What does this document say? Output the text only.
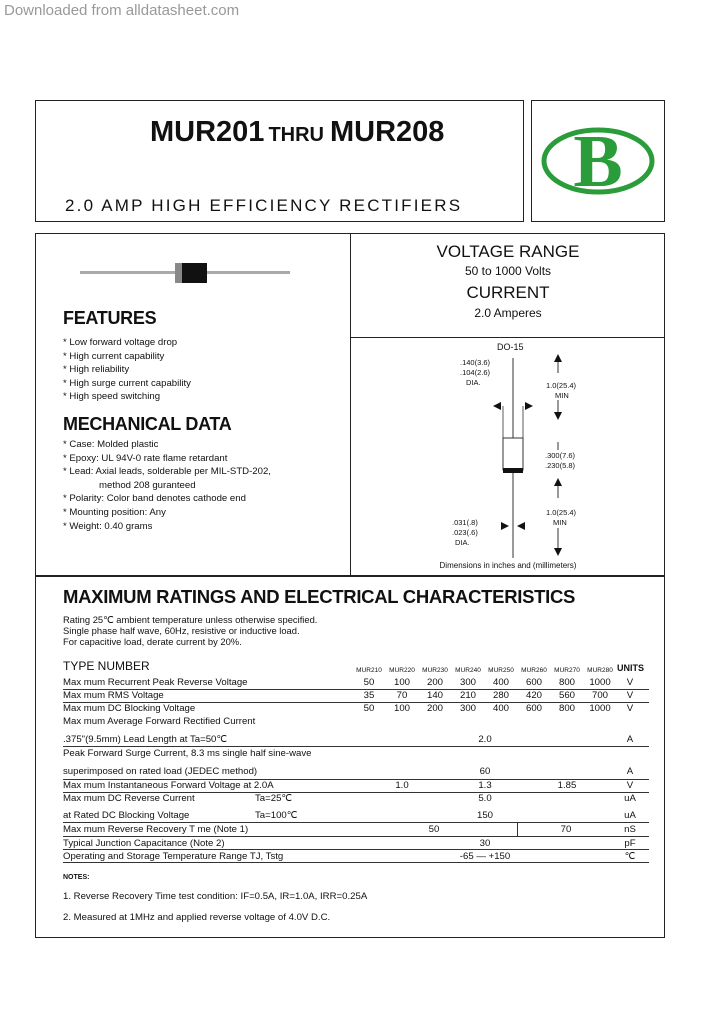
Downloaded from alldatasheet.com
MUR201 THRU MUR208
2.0 AMP HIGH EFFICIENCY RECTIFIERS
B
FEATURES
* Low forward voltage drop
* High current capability
* High reliability
* High surge current capability
* High speed switching
MECHANICAL DATA
* Case: Molded plastic
* Epoxy: UL 94V-0 rate flame retardant
* Lead: Axial leads, solderable per MIL-STD-202,
method 208 guranteed
* Polarity: Color band denotes cathode end
* Mounting position: Any
* Weight: 0.40 grams
VOLTAGE RANGE
50 to 1000 Volts
CURRENT
2.0 Amperes
DO-15
.140(3.6)
.104(2.6)
DIA.	1.0(25.4)
MIN
.300(7.6)
.230(5.8)
1.0(25.4)
MIN
.031(.8)
.023(.6)
DIA.
Dimensions in inches and (millimeters)
MAXIMUM RATINGS AND ELECTRICAL CHARACTERISTICS
Rating 25℃ ambient temperature unless otherwise specified.
Single phase half wave, 60Hz, resistive or inductive load.
For capacitive load, derate current by 20%.
TYPE NUMBER	MUR210	MUR220	MUR230	MUR240	MUR250	MUR260	MUR270	MUR280 UNITS
Max mum Recurrent Peak Reverse Voltage	50	100	200	300	400	600	800	1000	V
Max mum RMS Voltage	35	70	140	210	280	420	560	700	V
Max mum DC Blocking Voltage	50	100	200	300	400	600	800	1000	V
Max mum Average Forward Rectified Current
.375"(9.5mm) Lead Length at Ta=50℃	2.0	A
Peak Forward Surge Current, 8.3 ms single half sine-wave
superimposed on rated load (JEDEC method)	60	A
Max mum Instantaneous Forward Voltage at 2.0A	1.0	1.3	1.85	V
Max mum DC Reverse Current	Ta=25℃	5.0	uA
at Rated DC Blocking Voltage	Ta=100℃	150	uA
Max mum Reverse Recovery T me (Note 1)	50	70	nS
Typical Junction Capacitance (Note 2)	30	pF
Operating and Storage Temperature Range TJ, Tstg	-65 — +150	℃
NOTES:
1. Reverse Recovery Time test condition: IF=0.5A, IR=1.0A, IRR=0.25A
2. Measured at 1MHz and applied reverse voltage of 4.0V D.C.
